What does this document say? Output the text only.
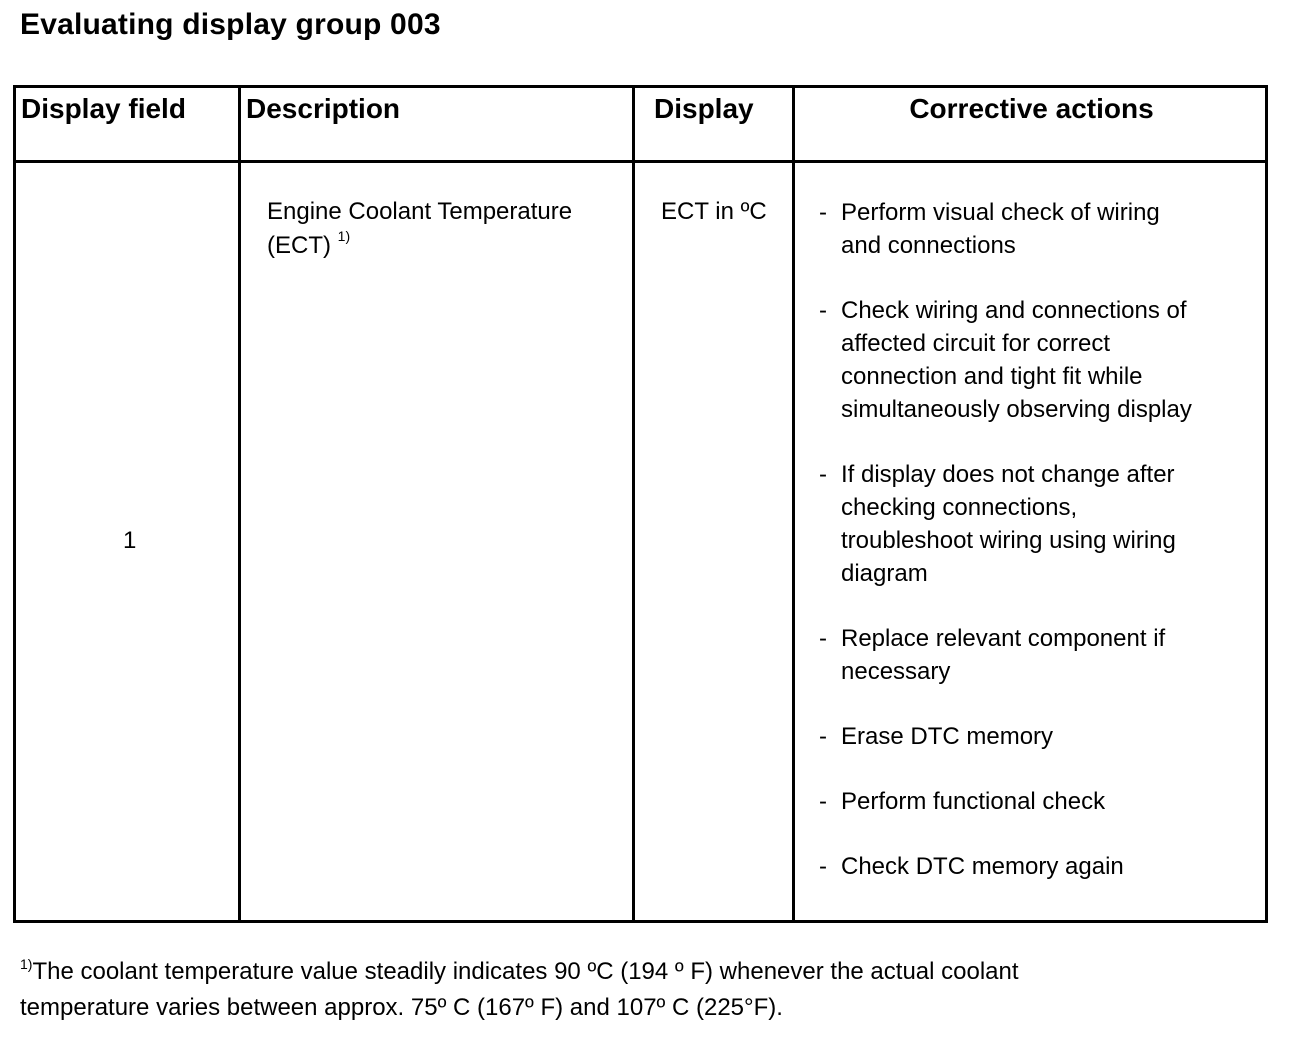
Evaluating display group 003
Display field Description	Display	Corrective actions
1
Engine Coolant Temperature
(ECT) $^{1)}$
ECT in ºC - Perform visual check of wiring
and connections
- Check wiring and connections of
affected circuit for correct
connection and tight fit while
simultaneously observing display
- If display does not change after
checking connections,
troubleshoot wiring using wiring
diagram
- Replace relevant component if
necessary
- Erase DTC memory
- Perform functional check
- Check DTC memory again
$^{1)}$The coolant temperature value steadily indicates 90 ºC (194 º F) whenever the actual coolant
temperature varies between approx. 75º C (167º F) and 107º C (225°F).
